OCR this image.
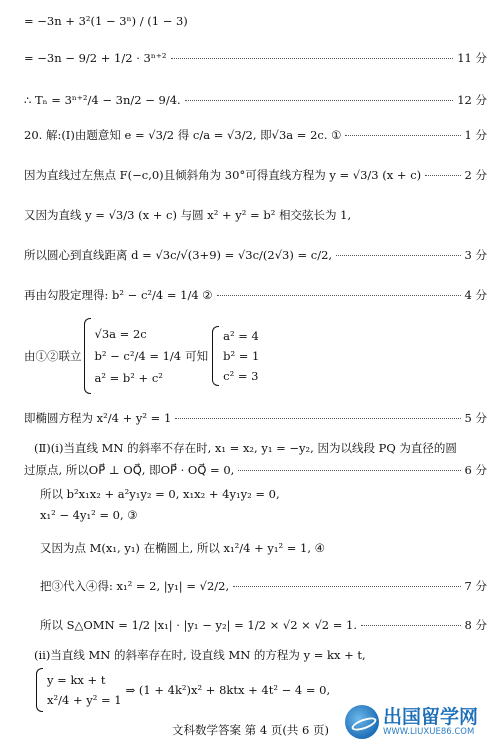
= −3n + 3²(1 − 3ⁿ) / (1 − 3)
= −3n − 9/2 + 1/2 · 3ⁿ⁺²	11 分
∴ Tₙ = 3ⁿ⁺²/4 − 3n/2 − 9/4.	12 分
20. 解:(Ⅰ)由题意知 e = √3/2 得 c/a = √3/2, 即√3a = 2c. ①	1 分
因为直线过左焦点 F(−c,0)且倾斜角为 30°可得直线方程为 y = √3/3 (x + c)	2 分
又因为直线 y = √3/3 (x + c) 与圆 x² + y² = b² 相交弦长为 1,
所以圆心到直线距离 d = √3c/√(3+9) = √3c/(2√3) = c/2,	3 分
再由勾股定理得: b² − c²/4 = 1/4 ②	4 分
由①②联立
√3a = 2c
b² − c²/4 = 1/4
a² = b² + c²
可知
a² = 4
b² = 1
c² = 3
即椭圆方程为 x²/4 + y² = 1	5 分
(Ⅱ)(ⅰ)当直线 MN 的斜率不存在时, x₁ = x₂, y₁ = −y₂, 因为以线段 PQ 为直径的圆
过原点, 所以OP⃗ ⊥ OQ⃗, 即OP⃗ · OQ⃗ = 0,	6 分
所以 b²x₁x₂ + a²y₁y₂ = 0, x₁x₂ + 4y₁y₂ = 0,
x₁² − 4y₁² = 0, ③
又因为点 M(x₁, y₁) 在椭圆上, 所以 x₁²/4 + y₁² = 1, ④
把③代入④得: x₁² = 2, |y₁| = √2/2,	7 分
所以 S△OMN = 1/2 |x₁| · |y₁ − y₂| = 1/2 × √2 × √2 = 1.	8 分
(ⅱ)当直线 MN 的斜率存在时, 设直线 MN 的方程为 y = kx + t,
y = kx + t
x²/4 + y² = 1
⇒ (1 + 4k²)x² + 8ktx + 4t² − 4 = 0,
文科数学答案 第 4 页(共 6 页)
出国留学网
WWW.LIUXUE86.COM
